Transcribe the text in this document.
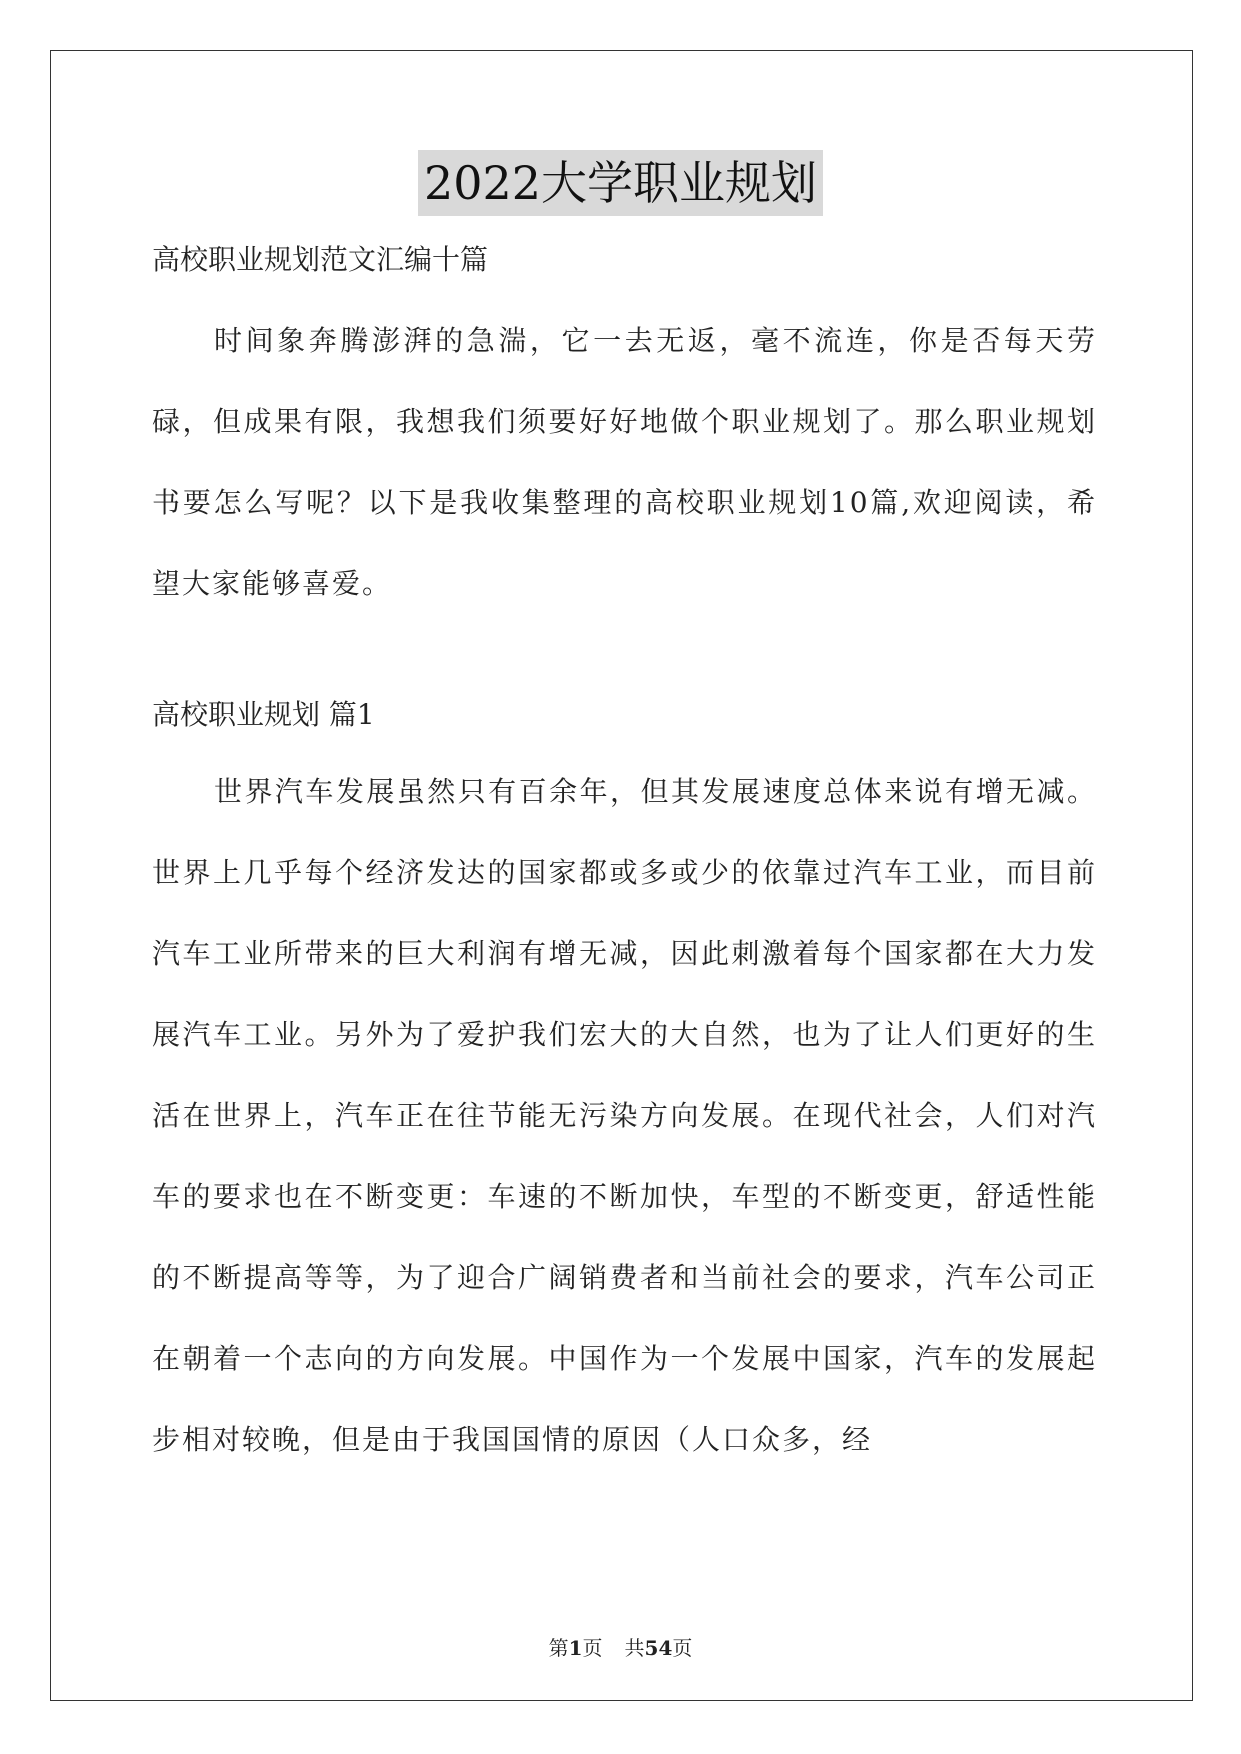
2022大学职业规划

高校职业规划范文汇编十篇

时间象奔腾澎湃的急湍，它一去无返，毫不流连，你是否每天劳碌，但成果有限，我想我们须要好好地做个职业规划了。那么职业规划书要怎么写呢？以下是我收集整理的高校职业规划10篇,欢迎阅读，希望大家能够喜爱。

高校职业规划 篇1

世界汽车发展虽然只有百余年，但其发展速度总体来说有增无减。世界上几乎每个经济发达的国家都或多或少的依靠过汽车工业，而目前汽车工业所带来的巨大利润有增无减，因此刺激着每个国家都在大力发展汽车工业。另外为了爱护我们宏大的大自然，也为了让人们更好的生活在世界上，汽车正在往节能无污染方向发展。在现代社会，人们对汽车的要求也在不断变更：车速的不断加快，车型的不断变更，舒适性能的不断提高等等，为了迎合广阔销费者和当前社会的要求，汽车公司正在朝着一个志向的方向发展。中国作为一个发展中国家，汽车的发展起步相对较晚，但是由于我国国情的原因（人口众多，经

第1页 共54页
